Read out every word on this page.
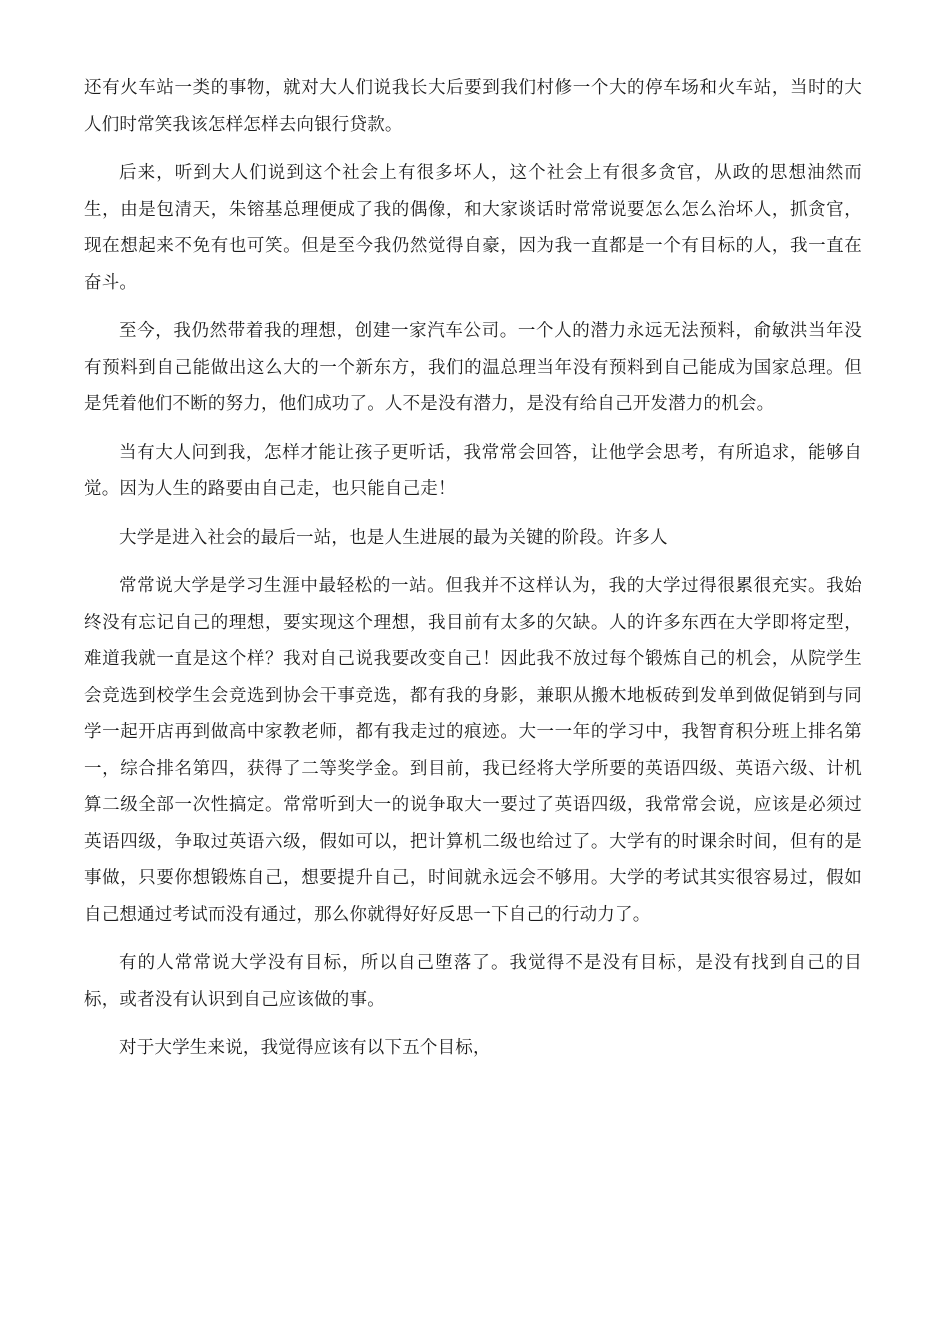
还有火车站一类的事物，就对大人们说我长大后要到我们村修一个大的停车场和火车站，当时的大人们时常笑我该怎样怎样去向银行贷款。

后来，听到大人们说到这个社会上有很多坏人，这个社会上有很多贪官，从政的思想油然而生，由是包清天，朱镕基总理便成了我的偶像，和大家谈话时常常说要怎么怎么治坏人，抓贪官，现在想起来不免有也可笑。但是至今我仍然觉得自豪，因为我一直都是一个有目标的人，我一直在奋斗。

至今，我仍然带着我的理想，创建一家汽车公司。一个人的潜力永远无法预料，俞敏洪当年没有预料到自己能做出这么大的一个新东方，我们的温总理当年没有预料到自己能成为国家总理。但是凭着他们不断的努力，他们成功了。人不是没有潜力，是没有给自己开发潜力的机会。

当有大人问到我，怎样才能让孩子更听话，我常常会回答，让他学会思考，有所追求，能够自觉。因为人生的路要由自己走，也只能自己走！

大学是进入社会的最后一站，也是人生进展的最为关键的阶段。许多人

常常说大学是学习生涯中最轻松的一站。但我并不这样认为，我的大学过得很累很充实。我始终没有忘记自己的理想，要实现这个理想，我目前有太多的欠缺。人的许多东西在大学即将定型，难道我就一直是这个样？我对自己说我要改变自己！因此我不放过每个锻炼自己的机会，从院学生会竞选到校学生会竞选到协会干事竞选，都有我的身影，兼职从搬木地板砖到发单到做促销到与同学一起开店再到做高中家教老师，都有我走过的痕迹。大一一年的学习中，我智育积分班上排名第一，综合排名第四，获得了二等奖学金。到目前，我已经将大学所要的英语四级、英语六级、计机算二级全部一次性搞定。常常听到大一的说争取大一要过了英语四级，我常常会说，应该是必须过英语四级，争取过英语六级，假如可以，把计算机二级也给过了。大学有的时课余时间，但有的是事做，只要你想锻炼自己，想要提升自己，时间就永远会不够用。大学的考试其实很容易过，假如自己想通过考试而没有通过，那么你就得好好反思一下自己的行动力了。

有的人常常说大学没有目标，所以自己堕落了。我觉得不是没有目标，是没有找到自己的目标，或者没有认识到自己应该做的事。

对于大学生来说，我觉得应该有以下五个目标，
